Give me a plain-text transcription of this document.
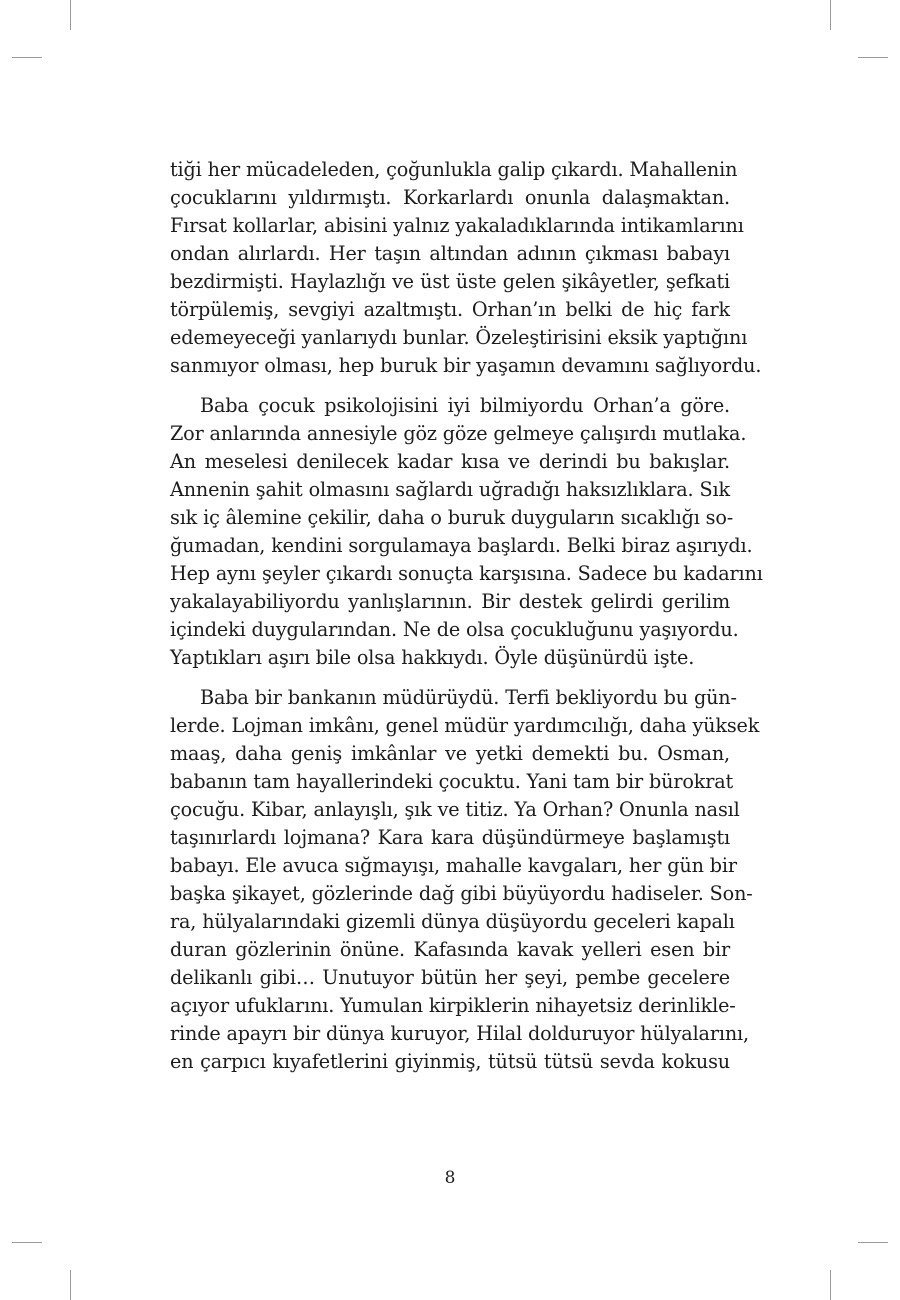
tiği her mücadeleden, çoğunlukla galip çıkardı. Mahallenin
çocuklarını yıldırmıştı. Korkarlardı onunla dalaşmaktan.
Fırsat kollarlar, abisini yalnız yakaladıklarında intikamlarını
ondan alırlardı. Her taşın altından adının çıkması babayı
bezdirmişti. Haylazlığı ve üst üste gelen şikâyetler, şefkati
törpülemiş, sevgiyi azaltmıştı. Orhan’ın belki de hiç fark
edemeyeceği yanlarıydı bunlar. Özeleştirisini eksik yaptığını
sanmıyor olması, hep buruk bir yaşamın devamını sağlıyordu.
Baba çocuk psikolojisini iyi bilmiyordu Orhan’a göre.
Zor anlarında annesiyle göz göze gelmeye çalışırdı mutlaka.
An meselesi denilecek kadar kısa ve derindi bu bakışlar.
Annenin şahit olmasını sağlardı uğradığı haksızlıklara. Sık
sık iç âlemine çekilir, daha o buruk duyguların sıcaklığı so-
ğumadan, kendini sorgulamaya başlardı. Belki biraz aşırıydı.
Hep aynı şeyler çıkardı sonuçta karşısına. Sadece bu kadarını
yakalayabiliyordu yanlışlarının. Bir destek gelirdi gerilim
içindeki duygularından. Ne de olsa çocukluğunu yaşıyordu.
Yaptıkları aşırı bile olsa hakkıydı. Öyle düşünürdü işte.
Baba bir bankanın müdürüydü. Terfi bekliyordu bu gün-
lerde. Lojman imkânı, genel müdür yardımcılığı, daha yüksek
maaş, daha geniş imkânlar ve yetki demekti bu. Osman,
babanın tam hayallerindeki çocuktu. Yani tam bir bürokrat
çocuğu. Kibar, anlayışlı, şık ve titiz. Ya Orhan? Onunla nasıl
taşınırlardı lojmana? Kara kara düşündürmeye başlamıştı
babayı. Ele avuca sığmayışı, mahalle kavgaları, her gün bir
başka şikayet, gözlerinde dağ gibi büyüyordu hadiseler. Son-
ra, hülyalarındaki gizemli dünya düşüyordu geceleri kapalı
duran gözlerinin önüne. Kafasında kavak yelleri esen bir
delikanlı gibi… Unutuyor bütün her şeyi, pembe gecelere
açıyor ufuklarını. Yumulan kirpiklerin nihayetsiz derinlikle-
rinde apayrı bir dünya kuruyor, Hilal dolduruyor hülyalarını,
en çarpıcı kıyafetlerini giyinmiş, tütsü tütsü sevda kokusu
8
